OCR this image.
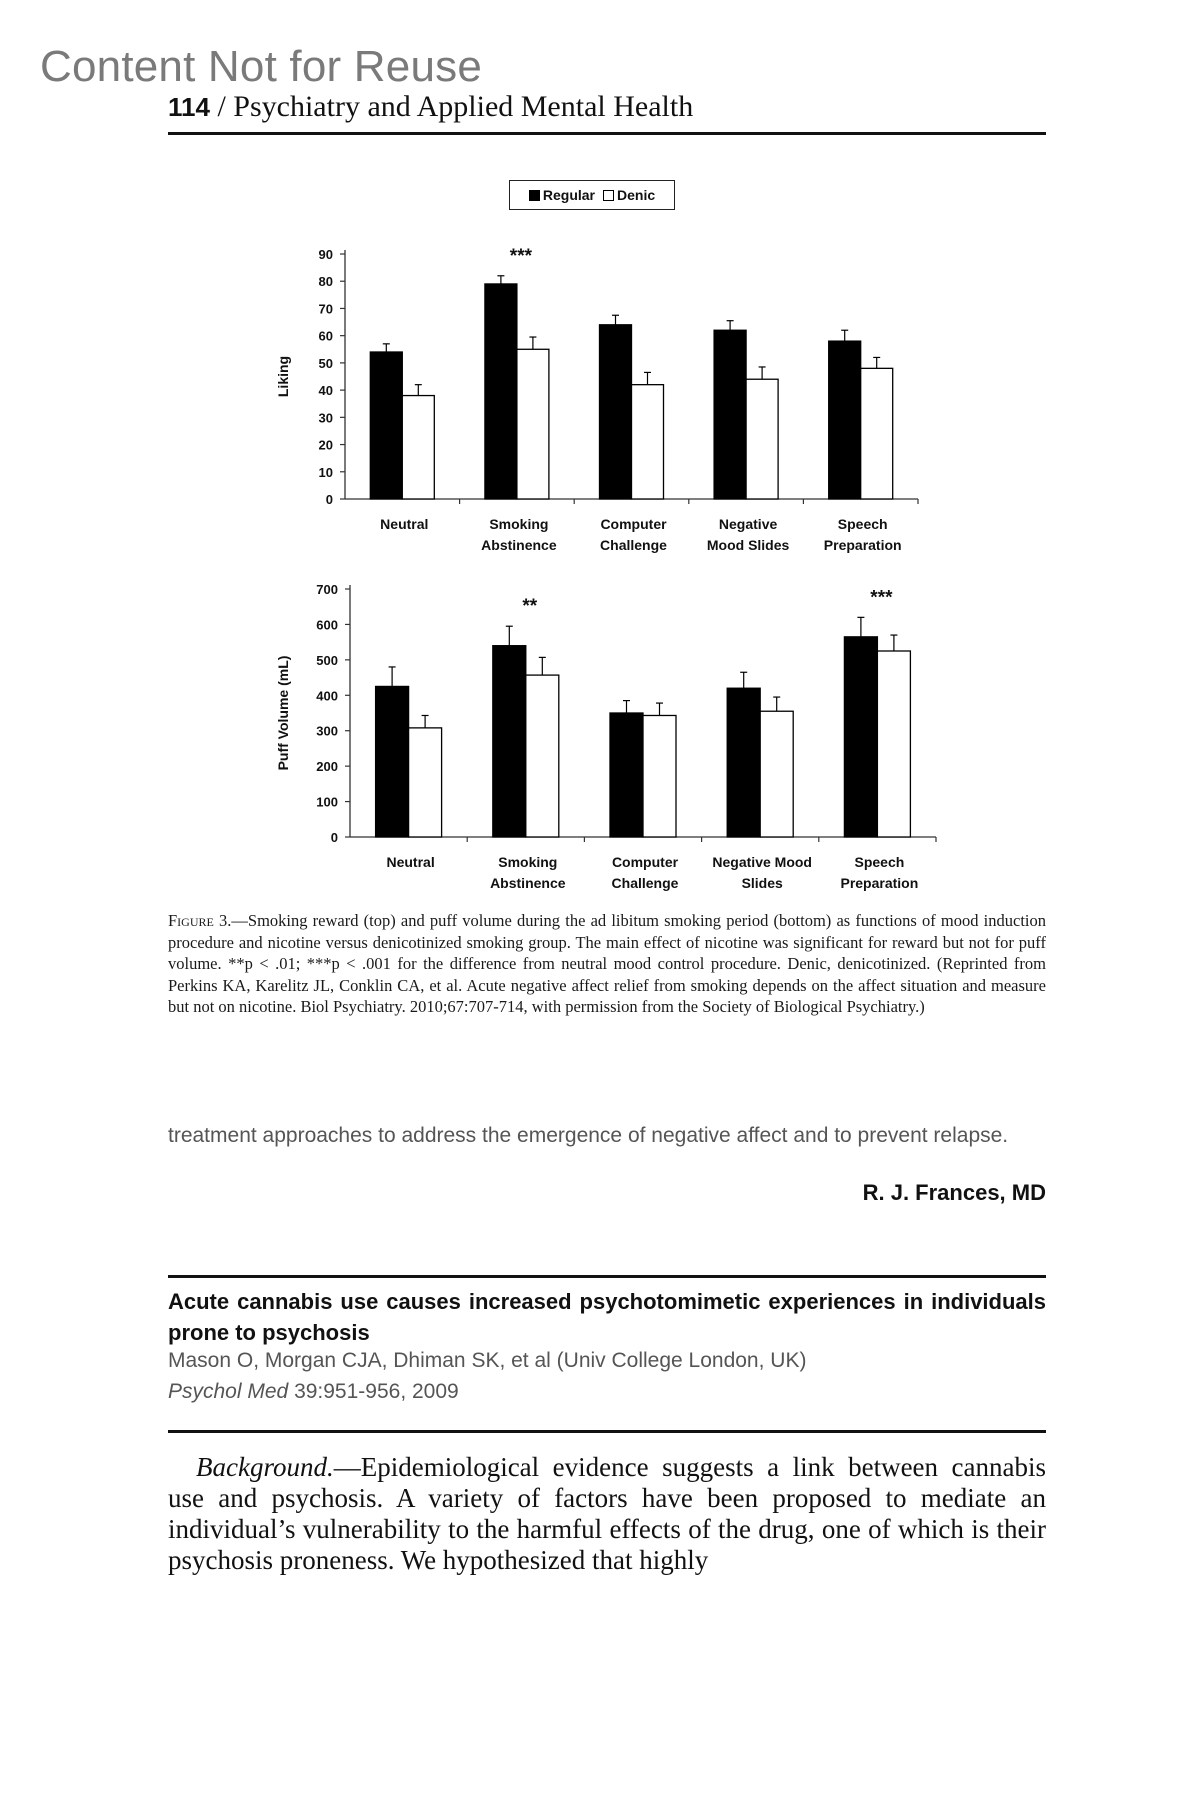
Content Not for Reuse
114 / Psychiatry and Applied Mental Health
Regular	Denic
0
10
20
30
40
50
60
70
80
90
Liking
Neutral	Smoking
Abstinence
Computer
Challenge
Negative
Mood Slides
Speech
Preparation
***
0
100
200
300
400
500
600
700
Puff Volume (mL)
Neutral	Smoking
Abstinence
Computer
Challenge
Negative Mood
Slides
Speech
Preparation
**	***
Figure 3.—Smoking reward (top) and puff volume during the ad libitum smoking period (bottom) as functions of mood induction procedure and nicotine versus denicotinized smoking group. The main effect of nicotine was significant for reward but not for puff volume. **p < .01; ***p < .001 for the difference from neutral mood control procedure. Denic, denicotinized. (Reprinted from Perkins KA, Karelitz JL, Conklin CA, et al. Acute negative affect relief from smoking depends on the affect situation and measure but not on nicotine. Biol Psychiatry. 2010;67:707-714, with permission from the Society of Biological Psychiatry.)
treatment approaches to address the emergence of negative affect and to prevent relapse.
R. J. Frances, MD
Acute cannabis use causes increased psychotomimetic experiences in individuals prone to psychosis
Mason O, Morgan CJA, Dhiman SK, et al (Univ College London, UK)
Psychol Med 39:951-956, 2009
Background.—Epidemiological evidence suggests a link between cannabis use and psychosis. A variety of factors have been proposed to mediate an individual’s vulnerability to the harmful effects of the drug, one of which is their psychosis proneness. We hypothesized that highly
